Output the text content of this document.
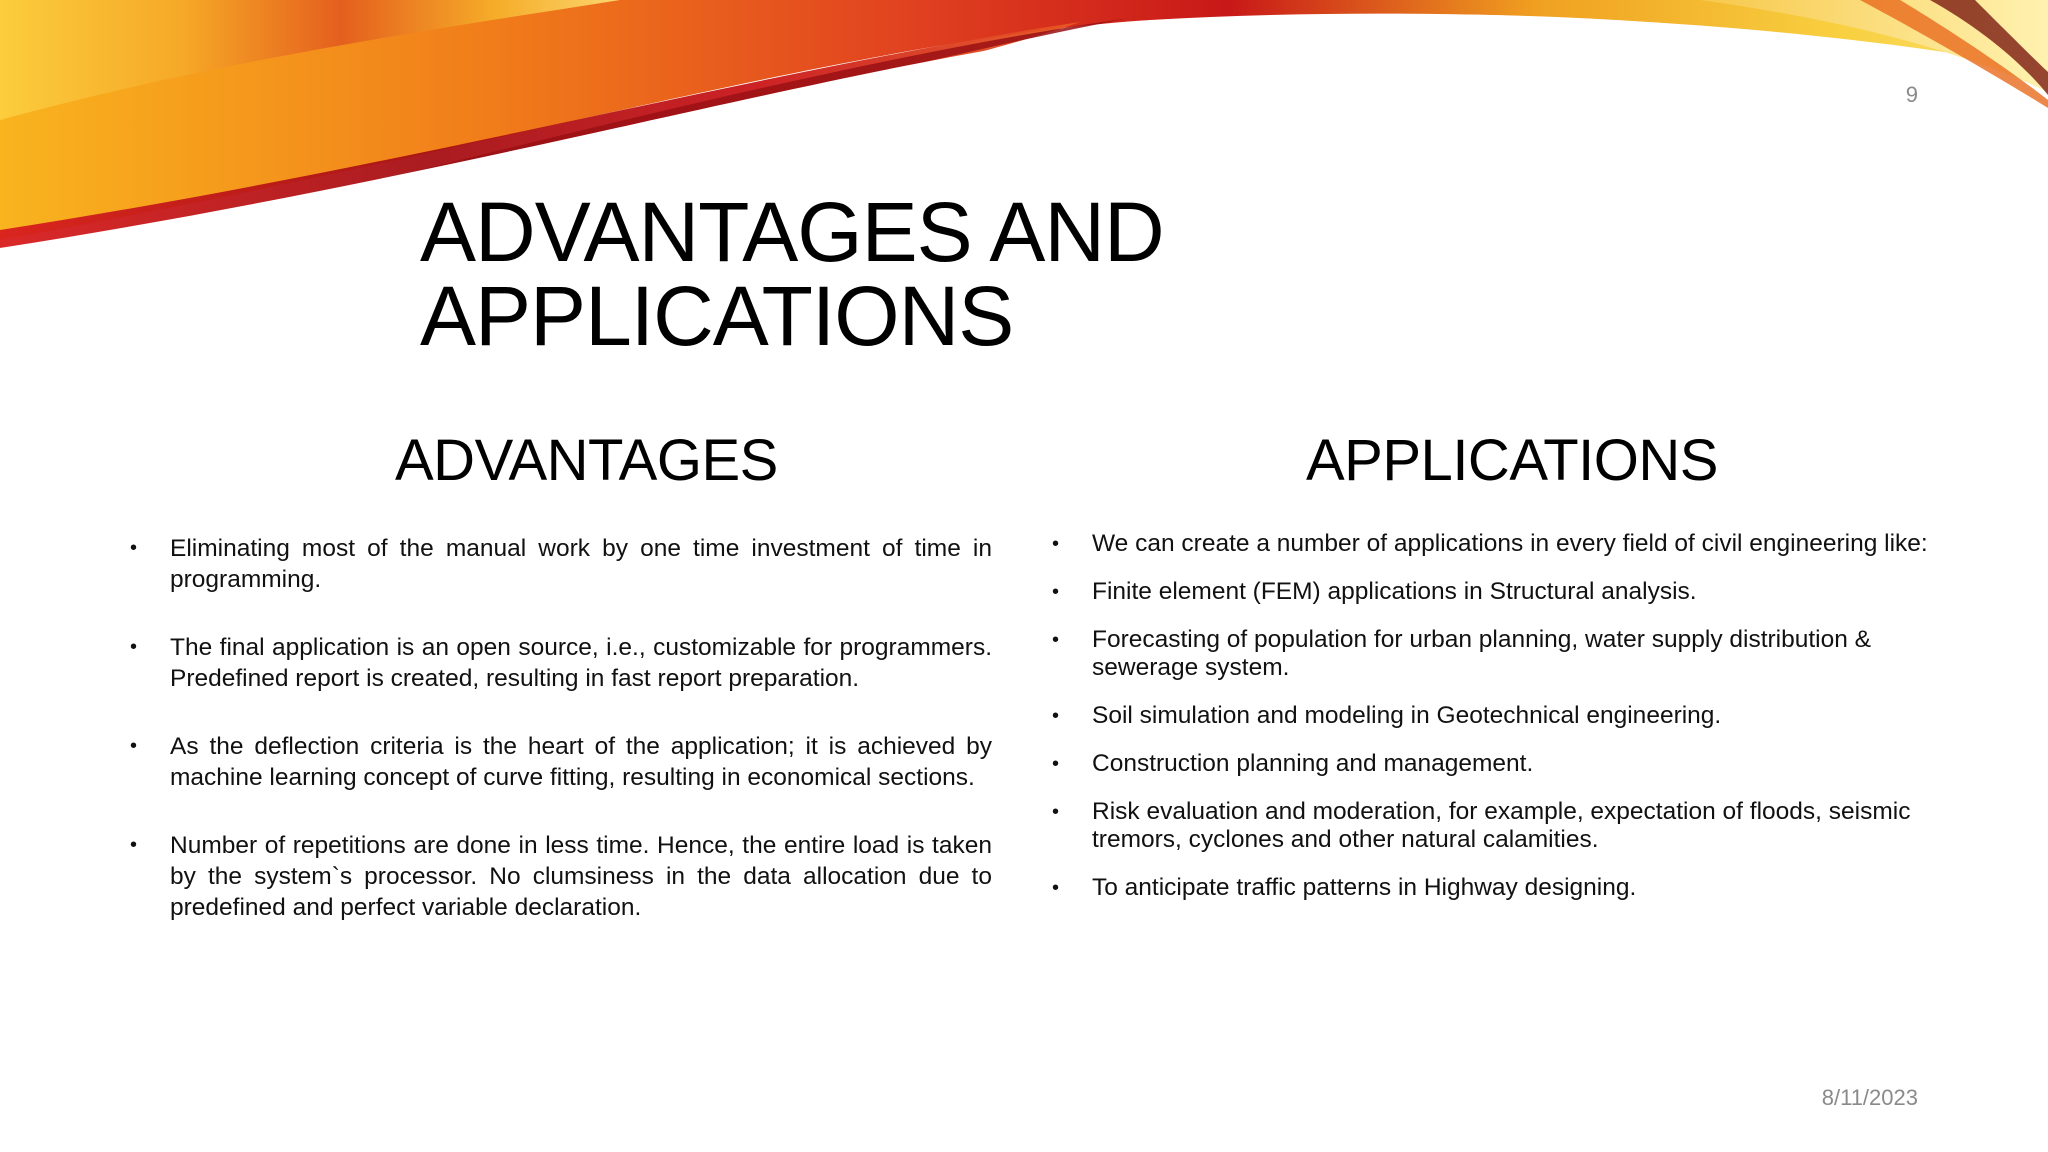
9
ADVANTAGES AND APPLICATIONS
ADVANTAGES	APPLICATIONS
• Eliminating most of the manual work by one time investment of time in programming.
• The final application is an open source, i.e., customizable for programmers. Predefined report is created, resulting in fast report preparation.
• As the deflection criteria is the heart of the application; it is achieved by machine learning concept of curve fitting, resulting in economical sections.
• Number of repetitions are done in less time. Hence, the entire load is taken by the system`s processor. No clumsiness in the data allocation due to predefined and perfect variable declaration.
• We can create a number of applications in every field of civil engineering like:
• Finite element (FEM) applications in Structural analysis.
• Forecasting of population for urban planning, water supply distribution & sewerage system.
• Soil simulation and modeling in Geotechnical engineering.
• Construction planning and management.
• Risk evaluation and moderation, for example, expectation of floods, seismic tremors, cyclones and other natural calamities.
• To anticipate traffic patterns in Highway designing.
8/11/2023
